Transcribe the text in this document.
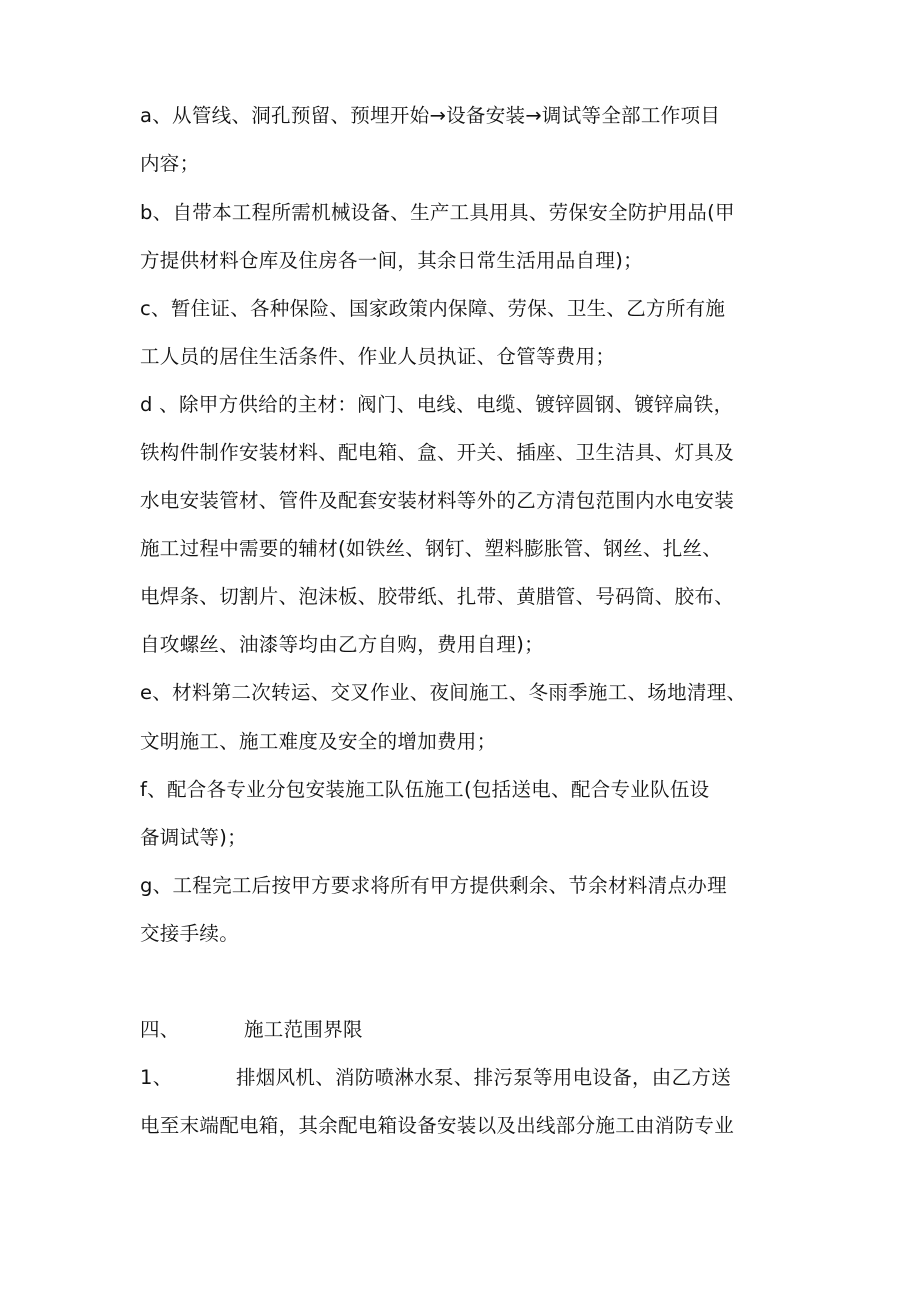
a、从管线、洞孔预留、预埋开始→设备安装→调试等全部工作项目
内容；
b、自带本工程所需机械设备、生产工具用具、劳保安全防护用品(甲
方提供材料仓库及住房各一间，其余日常生活用品自理)；
c、暂住证、各种保险、国家政策内保障、劳保、卫生、乙方所有施
工人员的居住生活条件、作业人员执证、仓管等费用；
d 、除甲方供给的主材：阀门、电线、电缆、镀锌圆钢、镀锌扁铁，
铁构件制作安装材料、配电箱、盒、开关、插座、卫生洁具、灯具及
水电安装管材、管件及配套安装材料等外的乙方清包范围内水电安装
施工过程中需要的辅材(如铁丝、钢钉、塑料膨胀管、钢丝、扎丝、
电焊条、切割片、泡沫板、胶带纸、扎带、黄腊管、号码筒、胶布、
自攻螺丝、油漆等均由乙方自购，费用自理)；
e、材料第二次转运、交叉作业、夜间施工、冬雨季施工、场地清理、
文明施工、施工难度及安全的增加费用；
f、配合各专业分包安装施工队伍施工(包括送电、配合专业队伍设
备调试等)；
g、工程完工后按甲方要求将所有甲方提供剩余、节余材料清点办理
交接手续。
四、	施工范围界限
1、	排烟风机、消防喷淋水泵、排污泵等用电设备，由乙方送
电至末端配电箱，其余配电箱设备安装以及出线部分施工由消防专业
